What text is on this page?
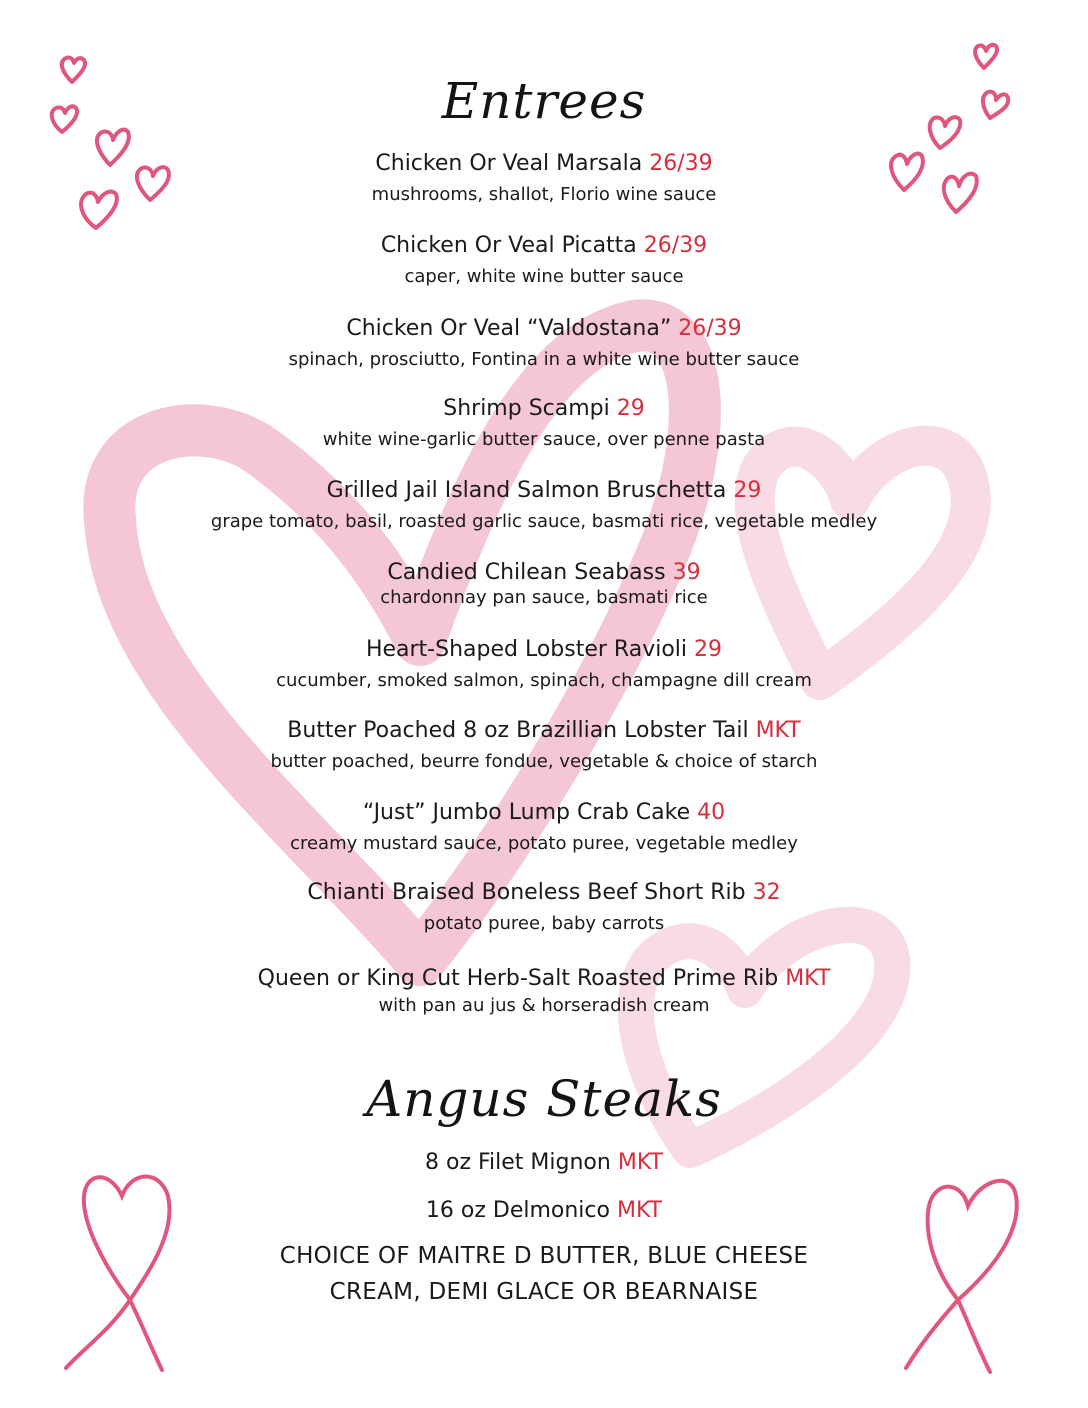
Entrees
Chicken Or Veal Marsala 26/39
mushrooms, shallot, Florio wine sauce
Chicken Or Veal Picatta 26/39
caper, white wine butter sauce
Chicken Or Veal “Valdostana” 26/39
spinach, prosciutto, Fontina in a white wine butter sauce
Shrimp Scampi 29
white wine-garlic butter sauce, over penne pasta
Grilled Jail Island Salmon Bruschetta 29
grape tomato, basil, roasted garlic sauce, basmati rice, vegetable medley
Candied Chilean Seabass 39
chardonnay pan sauce, basmati rice
Heart-Shaped Lobster Ravioli 29
cucumber, smoked salmon, spinach, champagne dill cream
Butter Poached 8 oz Brazillian Lobster Tail MKT
butter poached, beurre fondue, vegetable & choice of starch
“Just” Jumbo Lump Crab Cake 40
creamy mustard sauce, potato puree, vegetable medley
Chianti Braised Boneless Beef Short Rib 32
potato puree, baby carrots
Queen or King Cut Herb-Salt Roasted Prime Rib MKT
with pan au jus & horseradish cream
Angus Steaks
8 oz Filet Mignon MKT
16 oz Delmonico MKT
CHOICE OF MAITRE D BUTTER, BLUE CHEESE
CREAM, DEMI GLACE OR BEARNAISE
